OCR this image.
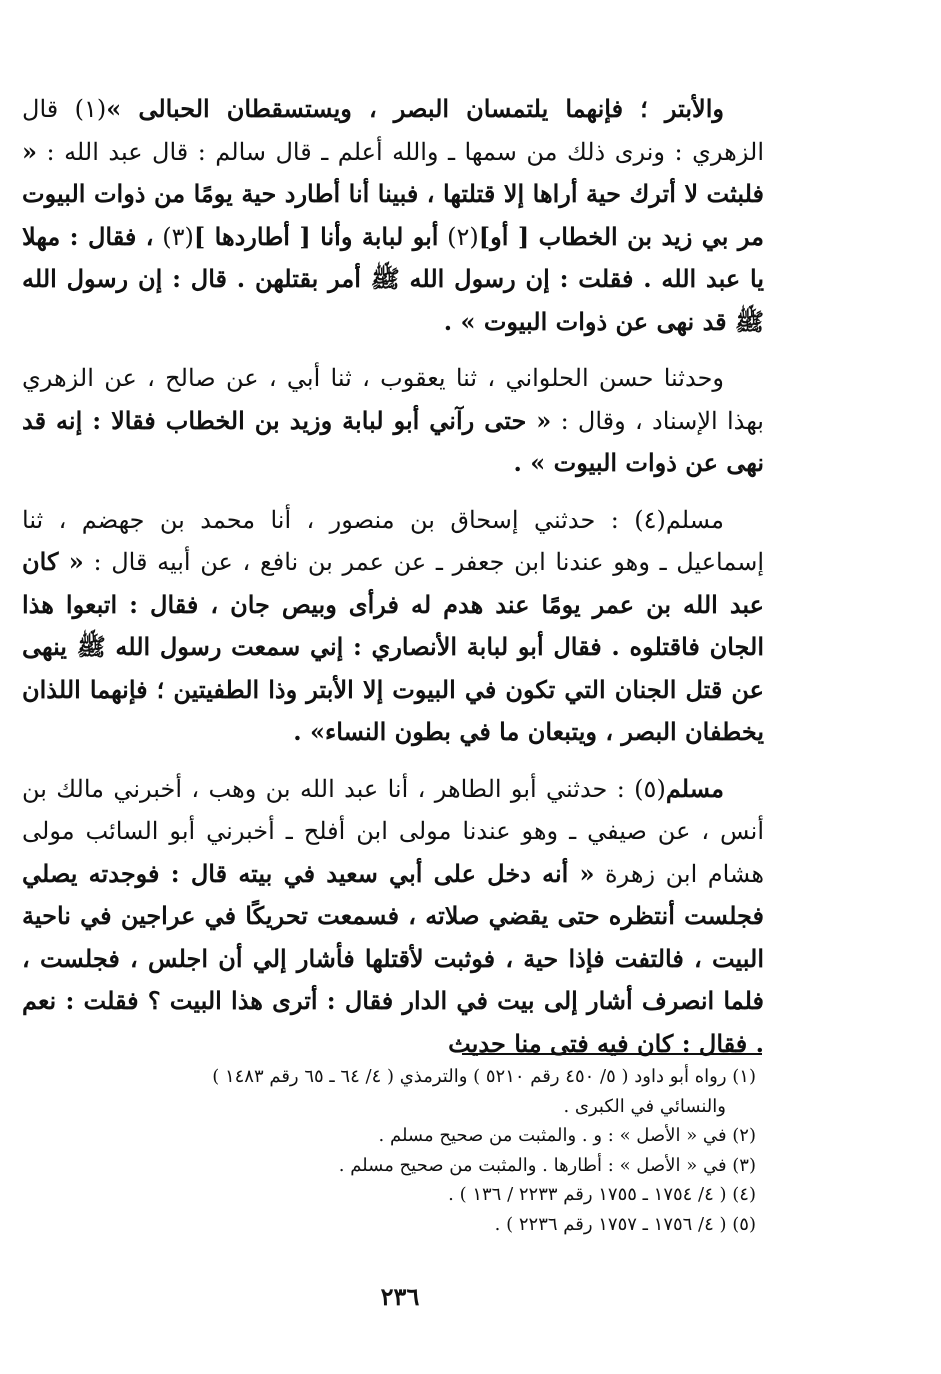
والأبتر ؛ فإنهما يلتمسان البصر ، ويستسقطان الحبالى »(١) قال الزهري : ونرى ذلك من سمها ـ والله أعلم ـ قال سالم : قال عبد الله : « فلبثت لا أترك حية أراها إلا قتلتها ، فبينا أنا أطارد حية يومًا من ذوات البيوت مر بي زيد بن الخطاب [ أو](٢) أبو لبابة وأنا [ أطاردها ](٣) ، فقال : مهلا يا عبد الله . فقلت : إن رسول الله ﷺ أمر بقتلهن . قال : إن رسول الله ﷺ قد نهى عن ذوات البيوت » .

وحدثنا حسن الحلواني ، ثنا يعقوب ، ثنا أبي ، عن صالح ، عن الزهري بهذا الإسناد ، وقال : « حتى رآني أبو لبابة وزيد بن الخطاب فقالا : إنه قد نهى عن ذوات البيوت » .

مسلم(٤) : حدثني إسحاق بن منصور ، أنا محمد بن جهضم ، ثنا إسماعيل ـ وهو عندنا ابن جعفر ـ عن عمر بن نافع ، عن أبيه قال : « كان عبد الله بن عمر يومًا عند هدم له فرأى وبيص جان ، فقال : اتبعوا هذا الجان فاقتلوه . فقال أبو لبابة الأنصاري : إني سمعت رسول الله ﷺ ينهى عن قتل الجنان التي تكون في البيوت إلا الأبتر وذا الطفيتين ؛ فإنهما اللذان يخطفان البصر ، ويتبعان ما في بطون النساء» .

مسلم(٥) : حدثني أبو الطاهر ، أنا عبد الله بن وهب ، أخبرني مالك بن أنس ، عن صيفي ـ وهو عندنا مولى ابن أفلح ـ أخبرني أبو السائب مولى هشام ابن زهرة « أنه دخل على أبي سعيد في بيته قال : فوجدته يصلي فجلست أنتظره حتى يقضي صلاته ، فسمعت تحريكًا في عراجين في ناحية البيت ، فالتفت فإذا حية ، فوثبت لأقتلها فأشار إلي أن اجلس ، فجلست ، فلما انصرف أشار إلى بيت في الدار فقال : أترى هذا البيت ؟ فقلت : نعم . فقال : كان فيه فتى منا حديث

(١) رواه أبو داود ( ٥/ ٤٥٠ رقم ٥٢١٠ ) والترمذي ( ٤/ ٦٤ ـ ٦٥ رقم ١٤٨٣ )

والنسائي في الكبرى .

(٢) في « الأصل » : و . والمثبت من صحيح مسلم .

(٣) في « الأصل » : أطارها . والمثبت من صحيح مسلم .

(٤) ( ٤/ ١٧٥٤ ـ ١٧٥٥ رقم ٢٢٣٣ / ١٣٦ ) .

(٥) ( ٤/ ١٧٥٦ ـ ١٧٥٧ رقم ٢٢٣٦ ) .

٢٣٦
